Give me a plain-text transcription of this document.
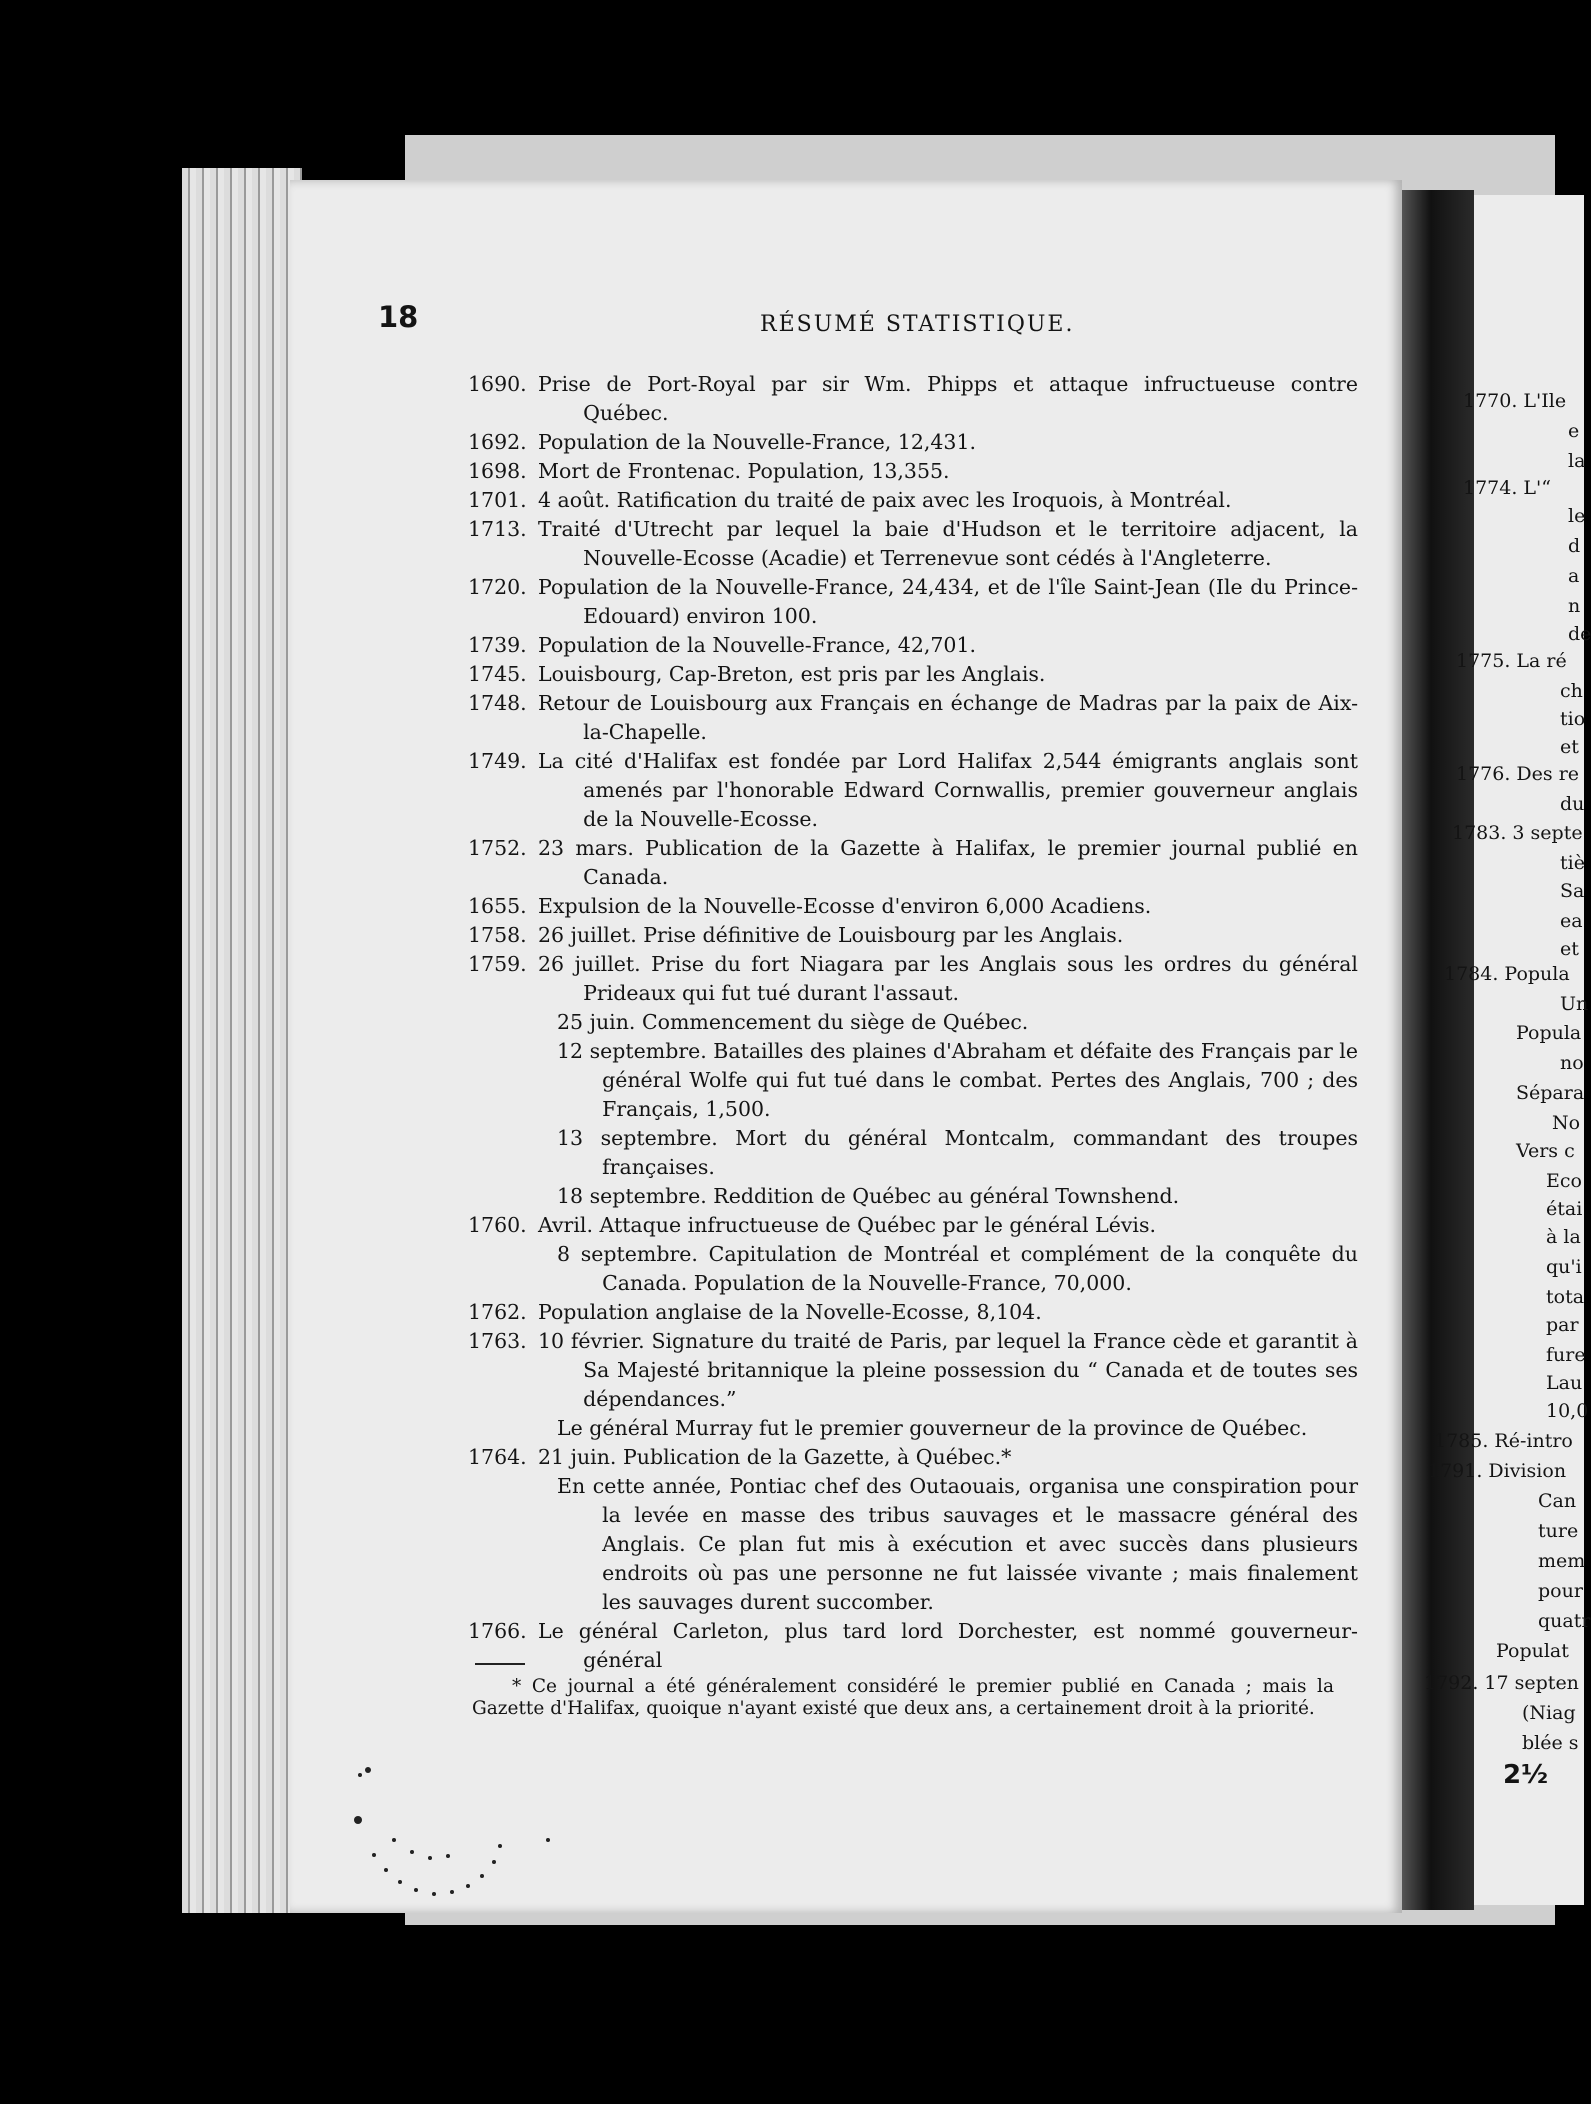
18	RÉSUMÉ STATISTIQUE.
1690. Prise de Port-Royal par sir Wm. Phipps et attaque infructueuse contre Québec.
1692. Population de la Nouvelle-France, 12,431.
1698. Mort de Frontenac. Population, 13,355.
1701. 4 août. Ratification du traité de paix avec les Iroquois, à Montréal.
1713. Traité d'Utrecht par lequel la baie d'Hudson et le territoire adjacent, la Nouvelle-Ecosse (Acadie) et Terrenevue sont cédés à l'Angleterre.
1720. Population de la Nouvelle-France, 24,434, et de l'île Saint-Jean (Ile du Prince-Edouard) environ 100.
1739. Population de la Nouvelle-France, 42,701.
1745. Louisbourg, Cap-Breton, est pris par les Anglais.
1748. Retour de Louisbourg aux Français en échange de Madras par la paix de Aix-la-Chapelle.
1749. La cité d'Halifax est fondée par Lord Halifax 2,544 émigrants anglais sont amenés par l'honorable Edward Cornwallis, premier gouverneur anglais de la Nouvelle-Ecosse.
1752. 23 mars. Publication de la Gazette à Halifax, le premier journal publié en Canada.
1655. Expulsion de la Nouvelle-Ecosse d'environ 6,000 Acadiens.
1758. 26 juillet. Prise définitive de Louisbourg par les Anglais.
1759. 26 juillet. Prise du fort Niagara par les Anglais sous les ordres du général Prideaux qui fut tué durant l'assaut.
25 juin. Commencement du siège de Québec.
12 septembre. Batailles des plaines d'Abraham et défaite des Français par le général Wolfe qui fut tué dans le combat. Pertes des Anglais, 700 ; des Français, 1,500.
13 septembre. Mort du général Montcalm, commandant des troupes françaises.
18 septembre. Reddition de Québec au général Townshend.
1760. Avril. Attaque infructueuse de Québec par le général Lévis.
8 septembre. Capitulation de Montréal et complément de la conquête du Canada. Population de la Nouvelle-France, 70,000.
1762. Population anglaise de la Novelle-Ecosse, 8,104.
1763. 10 février. Signature du traité de Paris, par lequel la France cède et garantit à Sa Majesté britannique la pleine possession du “ Canada et de toutes ses dépendances.”
Le général Murray fut le premier gouverneur de la province de Québec.
1764. 21 juin. Publication de la Gazette, à Québec.*
En cette année, Pontiac chef des Outaouais, organisa une conspiration pour la levée en masse des tribus sauvages et le massacre général des Anglais. Ce plan fut mis à exécution et avec succès dans plusieurs endroits où pas une personne ne fut laissée vivante ; mais finalement les sauvages durent succomber.
1766. Le général Carleton, plus tard lord Dorchester, est nommé gouverneur-général

* Ce journal a été généralement considéré le premier publié en Canada ; mais la Gazette d'Halifax, quoique n'ayant existé que deux ans, a certainement droit à la priorité.

1770. L'Ile
e
la
1774. L'“
le
d
a
n
de
1775. La ré
ch
tio
et
1776. Des re
du
1783. 3 septe
tiè
Sa
ea
et
1784. Popula
Un
Popula
no
Sépara
No
Vers c
Eco
étai
à la
qu'i
tota
par
fure
Lau
10,0
1785. Ré-intro
1791. Division
Can
ture
mem
pour
quatr
Populat
1792. 17 septen
(Niag
blée s
2½
